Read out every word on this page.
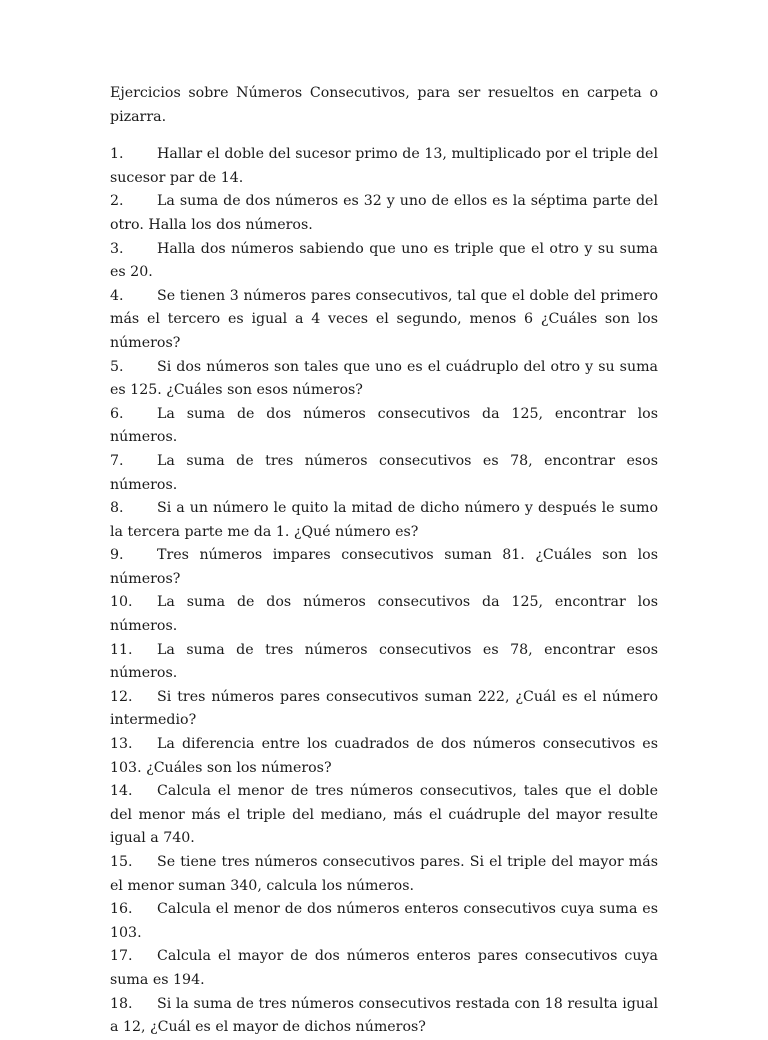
Ejercicios sobre Números Consecutivos, para ser resueltos en carpeta o pizarra.

1. Hallar el doble del sucesor primo de 13, multiplicado por el triple del sucesor par de 14.
2. La suma de dos números es 32 y uno de ellos es la séptima parte del otro. Halla los dos números.
3. Halla dos números sabiendo que uno es triple que el otro y su suma es 20.
4. Se tienen 3 números pares consecutivos, tal que el doble del primero más el tercero es igual a 4 veces el segundo, menos 6 ¿Cuáles son los números?
5. Si dos números son tales que uno es el cuádruplo del otro y su suma es 125. ¿Cuáles son esos números?
6. La suma de dos números consecutivos da 125, encontrar los números.
7. La suma de tres números consecutivos es 78, encontrar esos números.
8. Si a un número le quito la mitad de dicho número y después le sumo la tercera parte me da 1. ¿Qué número es?
9. Tres números impares consecutivos suman 81. ¿Cuáles son los números?
10. La suma de dos números consecutivos da 125, encontrar los números.
11. La suma de tres números consecutivos es 78, encontrar esos números.
12. Si tres números pares consecutivos suman 222, ¿Cuál es el número intermedio?
13. La diferencia entre los cuadrados de dos números consecutivos es 103. ¿Cuáles son los números?
14. Calcula el menor de tres números consecutivos, tales que el doble del menor más el triple del mediano, más el cuádruple del mayor resulte igual a 740.
15. Se tiene tres números consecutivos pares. Si el triple del mayor más el menor suman 340, calcula los números.
16. Calcula el menor de dos números enteros consecutivos cuya suma es 103.
17. Calcula el mayor de dos números enteros pares consecutivos cuya suma es 194.
18. Si la suma de tres números consecutivos restada con 18 resulta igual a 12, ¿Cuál es el mayor de dichos números?
